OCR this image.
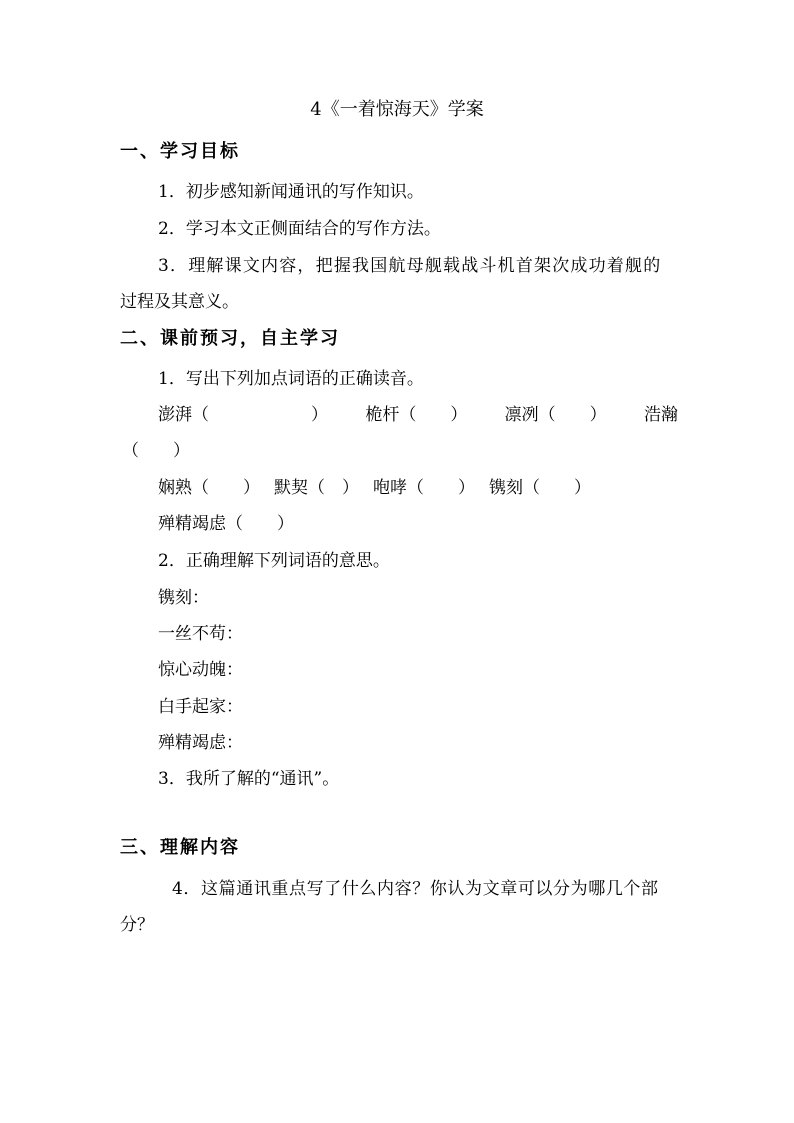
4《一着惊海天》学案
一、学习目标
1．初步感知新闻通讯的写作知识。
2．学习本文正侧面结合的写作方法。
3．理解课文内容，把握我国航母舰载战斗机首架次成功着舰的
过程及其意义。
二、课前预习，自主学习
1．写出下列加点词语的正确读音。
澎湃（　　　　　　） 桅杆（　　） 凛冽（　　） 浩瀚
（　　）
娴熟（　　） 默契（　） 咆哮（　　） 镌刻（　　）
殚精竭虑（　　）
2．正确理解下列词语的意思。
镌刻：
一丝不苟：
惊心动魄：
白手起家：
殚精竭虑：
3．我所了解的“通讯”。
三、理解内容
4．这篇通讯重点写了什么内容？你认为文章可以分为哪几个部
分？
